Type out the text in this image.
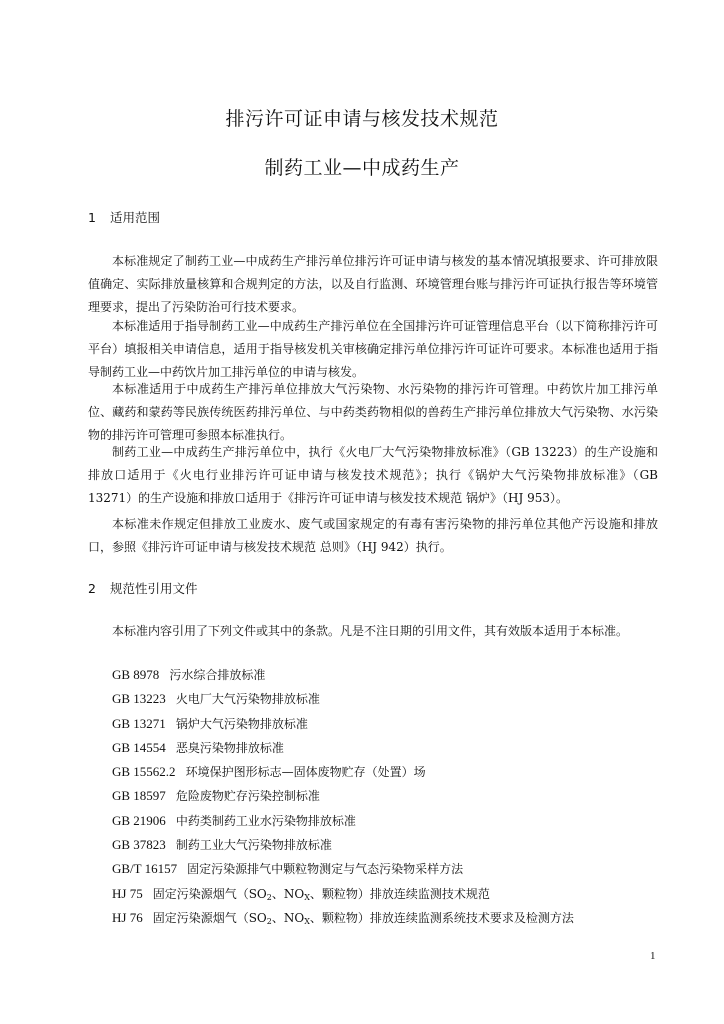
排污许可证申请与核发技术规范
制药工业—中成药生产
1 适用范围

本标准规定了制药工业—中成药生产排污单位排污许可证申请与核发的基本情况填报要求、许可排放限值确定、实际排放量核算和合规判定的方法，以及自行监测、环境管理台账与排污许可证执行报告等环境管理要求，提出了污染防治可行技术要求。

本标准适用于指导制药工业—中成药生产排污单位在全国排污许可证管理信息平台（以下简称排污许可平台）填报相关申请信息，适用于指导核发机关审核确定排污单位排污许可证许可要求。本标准也适用于指导制药工业—中药饮片加工排污单位的申请与核发。

本标准适用于中成药生产排污单位排放大气污染物、水污染物的排污许可管理。中药饮片加工排污单位、藏药和蒙药等民族传统医药排污单位、与中药类药物相似的兽药生产排污单位排放大气污染物、水污染物的排污许可管理可参照本标准执行。

制药工业—中成药生产排污单位中，执行《火电厂大气污染物排放标准》（GB 13223）的生产设施和排放口适用于《火电行业排污许可证申请与核发技术规范》；执行《锅炉大气污染物排放标准》（GB 13271）的生产设施和排放口适用于《排污许可证申请与核发技术规范 锅炉》（HJ 953）。

本标准未作规定但排放工业废水、废气或国家规定的有毒有害污染物的排污单位其他产污设施和排放口，参照《排污许可证申请与核发技术规范 总则》（HJ 942）执行。

2 规范性引用文件

本标准内容引用了下列文件或其中的条款。凡是不注日期的引用文件，其有效版本适用于本标准。

GB 8978 污水综合排放标准
GB 13223 火电厂大气污染物排放标准
GB 13271 锅炉大气污染物排放标准
GB 14554 恶臭污染物排放标准
GB 15562.2 环境保护图形标志—固体废物贮存（处置）场
GB 18597 危险废物贮存污染控制标准
GB 21906 中药类制药工业水污染物排放标准
GB 37823 制药工业大气污染物排放标准
GB/T 16157 固定污染源排气中颗粒物测定与气态污染物采样方法
HJ 75 固定污染源烟气（$SO_2$、$NO_X$、颗粒物）排放连续监测技术规范
HJ 76 固定污染源烟气（$SO_2$、$NO_X$、颗粒物）排放连续监测系统技术要求及检测方法
1
